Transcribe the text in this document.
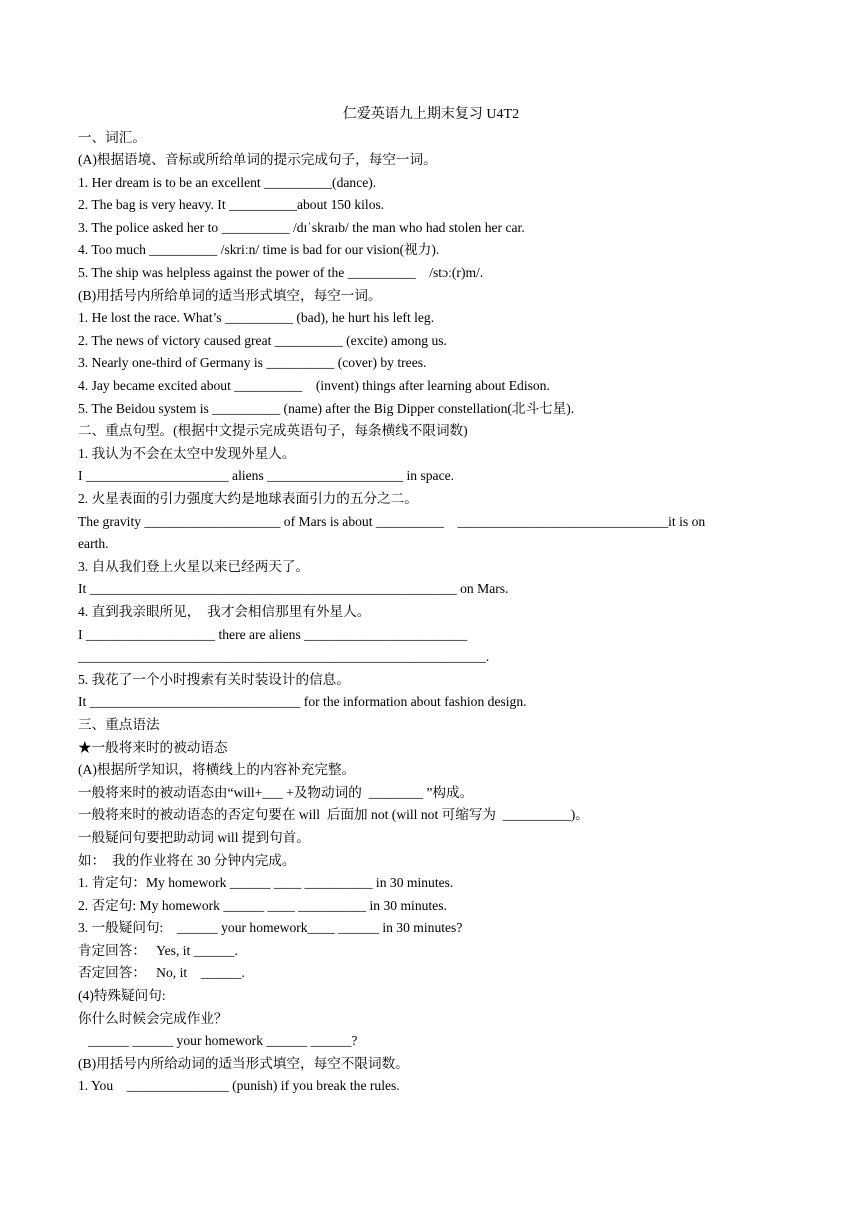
仁爱英语九上期末复习 U4T2
一、词汇。
(A)根据语境、音标或所给单词的提示完成句子，每空一词。
1. Her dream is to be an excellent __________(dance).
2. The bag is very heavy. It __________about 150 kilos.
3. The police asked her to __________ /dɪˈskraɪb/ the man who had stolen her car.
4. Too much __________ /skriːn/ time is bad for our vision(视力).
5. The ship was helpless against the power of the __________    /stɔː(r)m/.
(B)用括号内所给单词的适当形式填空，每空一词。
1. He lost the race. What’s __________ (bad), he hurt his left leg.
2. The news of victory caused great __________ (excite) among us.
3. Nearly one-third of Germany is __________ (cover) by trees.
4. Jay became excited about __________    (invent) things after learning about Edison.
5. The Beidou system is __________ (name) after the Big Dipper constellation(北斗七星).
二、重点句型。(根据中文提示完成英语句子，每条横线不限词数)
1. 我认为不会在太空中发现外星人。
I _____________________ aliens ____________________ in space.
2. 火星表面的引力强度大约是地球表面引力的五分之二。
The gravity ____________________ of Mars is about __________    _______________________________it is on
earth.
3. 自从我们登上火星以来已经两天了。
It ______________________________________________________ on Mars.
4. 直到我亲眼所见，  我才会相信那里有外星人。
I ___________________ there are aliens ________________________
____________________________________________________________.
5. 我花了一个小时搜索有关时装设计的信息。
It _______________________________ for the information about fashion design.
三、重点语法
★一般将来时的被动语态
(A)根据所学知识，将横线上的内容补充完整。
一般将来时的被动语态由“will+___ +及物动词的  ________ ”构成。
一般将来时的被动语态的否定句要在 will  后面加 not (will not 可缩写为  __________)。
一般疑问句要把助动词 will 提到句首。
如：  我的作业将在 30 分钟内完成。
1. 肯定句：My homework ______ ____ __________ in 30 minutes.
2. 否定句: My homework ______ ____ __________ in 30 minutes.
3. 一般疑问句:    ______ your homework____ ______ in 30 minutes?
肯定回答：   Yes, it ______.
否定回答：   No, it    ______.
(4)特殊疑问句:
你什么时候会完成作业？
______ ______ your homework ______ ______?
(B)用括号内所给动词的适当形式填空，每空不限词数。
1. You    _______________ (punish) if you break the rules.
